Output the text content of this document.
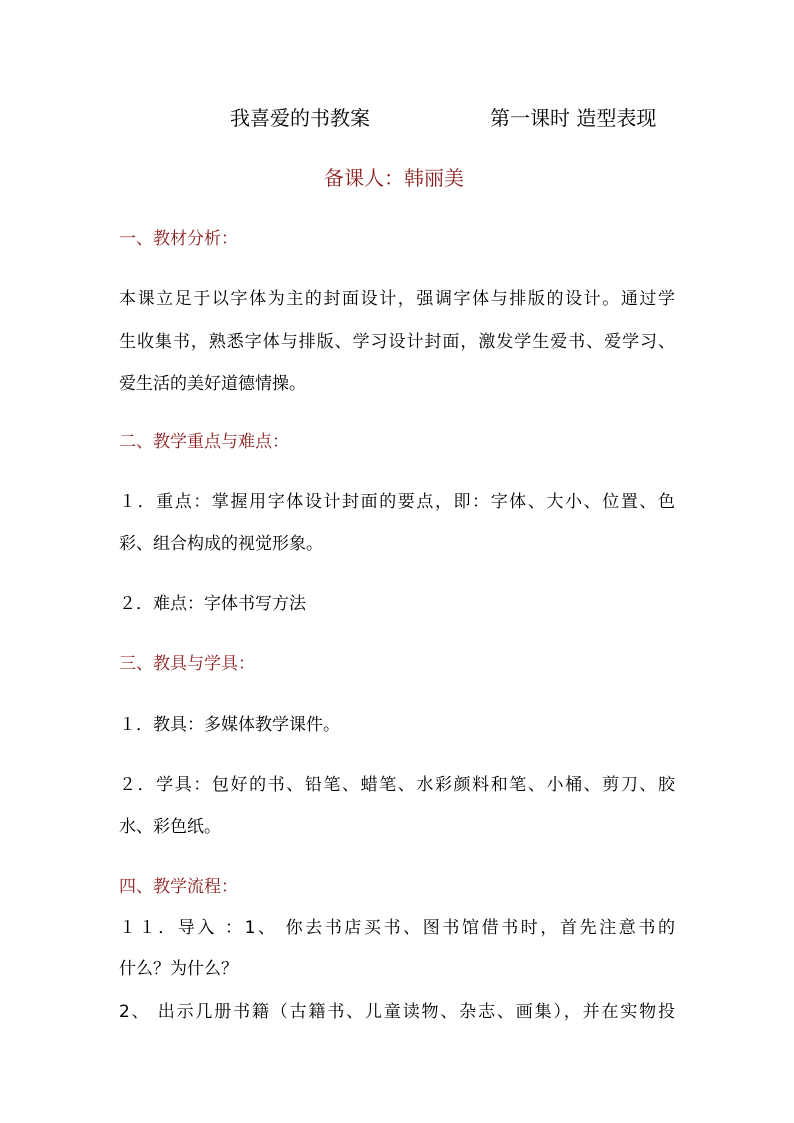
我喜爱的书教案	第一课时 造型表现
备课人：韩丽美
一、教材分析：
本课立足于以字体为主的封面设计，强调字体与排版的设计。通过学
生收集书，熟悉字体与排版、学习设计封面，激发学生爱书、爱学习、
爱生活的美好道德情操。
二、教学重点与难点：
１．重点：掌握用字体设计封面的要点，即：字体、大小、位置、色
彩、组合构成的视觉形象。
２．难点：字体书写方法
三、教具与学具：
１．教具：多媒体教学课件。
２．学具：包好的书、铅笔、蜡笔、水彩颜料和笔、小桶、剪刀、胶
水、彩色纸。
四、教学流程：
１１．导入 ：1、 你去书店买书、图书馆借书时，首先注意书的
什么？为什么？
2、 出示几册书籍（古籍书、儿童读物、杂志、画集），并在实物投
